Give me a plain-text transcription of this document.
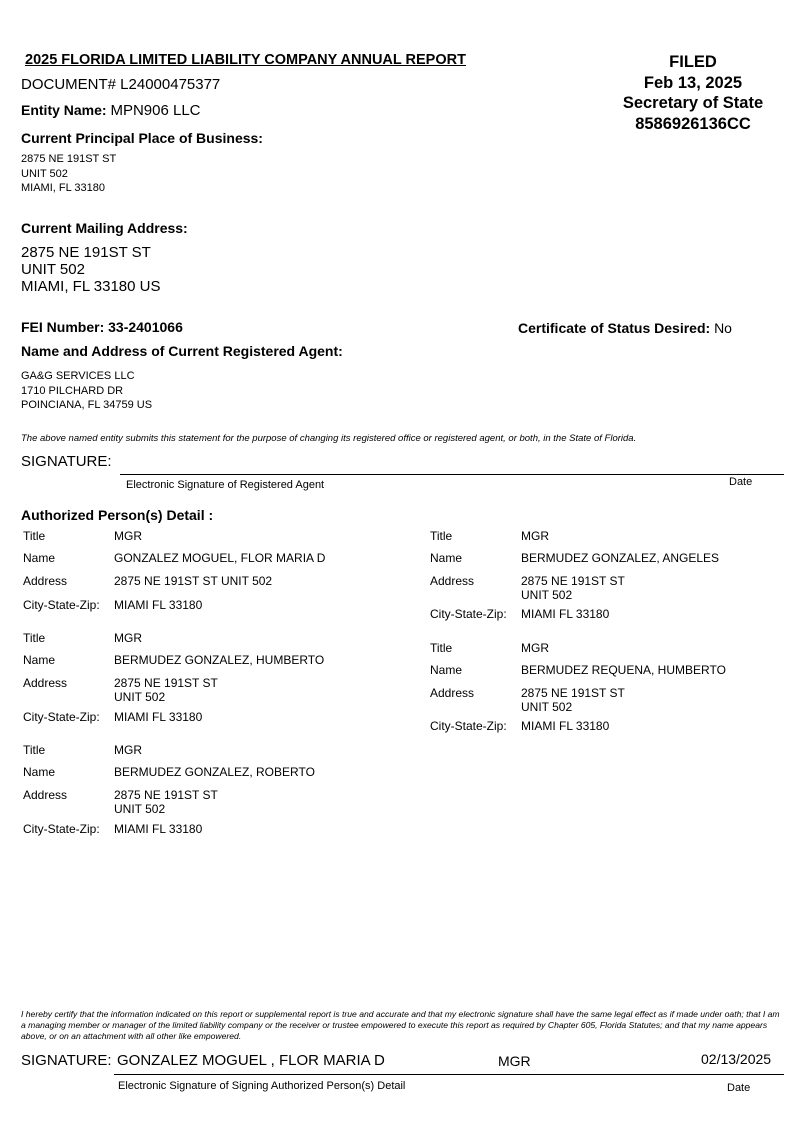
2025 FLORIDA LIMITED LIABILITY COMPANY ANNUAL REPORT
DOCUMENT# L24000475377
Entity Name: MPN906 LLC
FILED
Feb 13, 2025
Secretary of State
8586926136CC
Current Principal Place of Business:
2875 NE 191ST ST
UNIT 502
MIAMI, FL 33180
Current Mailing Address:
2875 NE 191ST ST
UNIT 502
MIAMI, FL 33180 US
FEI Number: 33-2401066	Certificate of Status Desired: No
Name and Address of Current Registered Agent:
GA&G SERVICES LLC
1710 PILCHARD DR
POINCIANA, FL 34759 US
The above named entity submits this statement for the purpose of changing its registered office or registered agent, or both, in the State of Florida.
SIGNATURE:
Electronic Signature of Registered Agent	Date
Authorized Person(s) Detail :
Title	MGR
Name	GONZALEZ MOGUEL, FLOR MARIA D
Address	2875 NE 191ST ST UNIT 502
City-State-Zip: MIAMI FL 33180
Title	MGR
Name	BERMUDEZ GONZALEZ, ANGELES
Address	2875 NE 191ST ST
UNIT 502
City-State-Zip: MIAMI FL 33180
Title	MGR
Name	BERMUDEZ GONZALEZ, HUMBERTO
Address	2875 NE 191ST ST
UNIT 502
City-State-Zip: MIAMI FL 33180
Title	MGR
Name	BERMUDEZ REQUENA, HUMBERTO
Address	2875 NE 191ST ST
UNIT 502
City-State-Zip: MIAMI FL 33180
Title	MGR
Name	BERMUDEZ GONZALEZ, ROBERTO
Address	2875 NE 191ST ST
UNIT 502
City-State-Zip: MIAMI FL 33180
I hereby certify that the information indicated on this report or supplemental report is true and accurate and that my electronic signature shall have the same legal effect as if made under oath; that I am a managing member or manager of the limited liability company or the receiver or trustee empowered to execute this report as required by Chapter 605, Florida Statutes; and that my name appears above, or on an attachment with all other like empowered.
SIGNATURE: GONZALEZ MOGUEL , FLOR MARIA D	MGR	02/13/2025
Electronic Signature of Signing Authorized Person(s) Detail	Date
